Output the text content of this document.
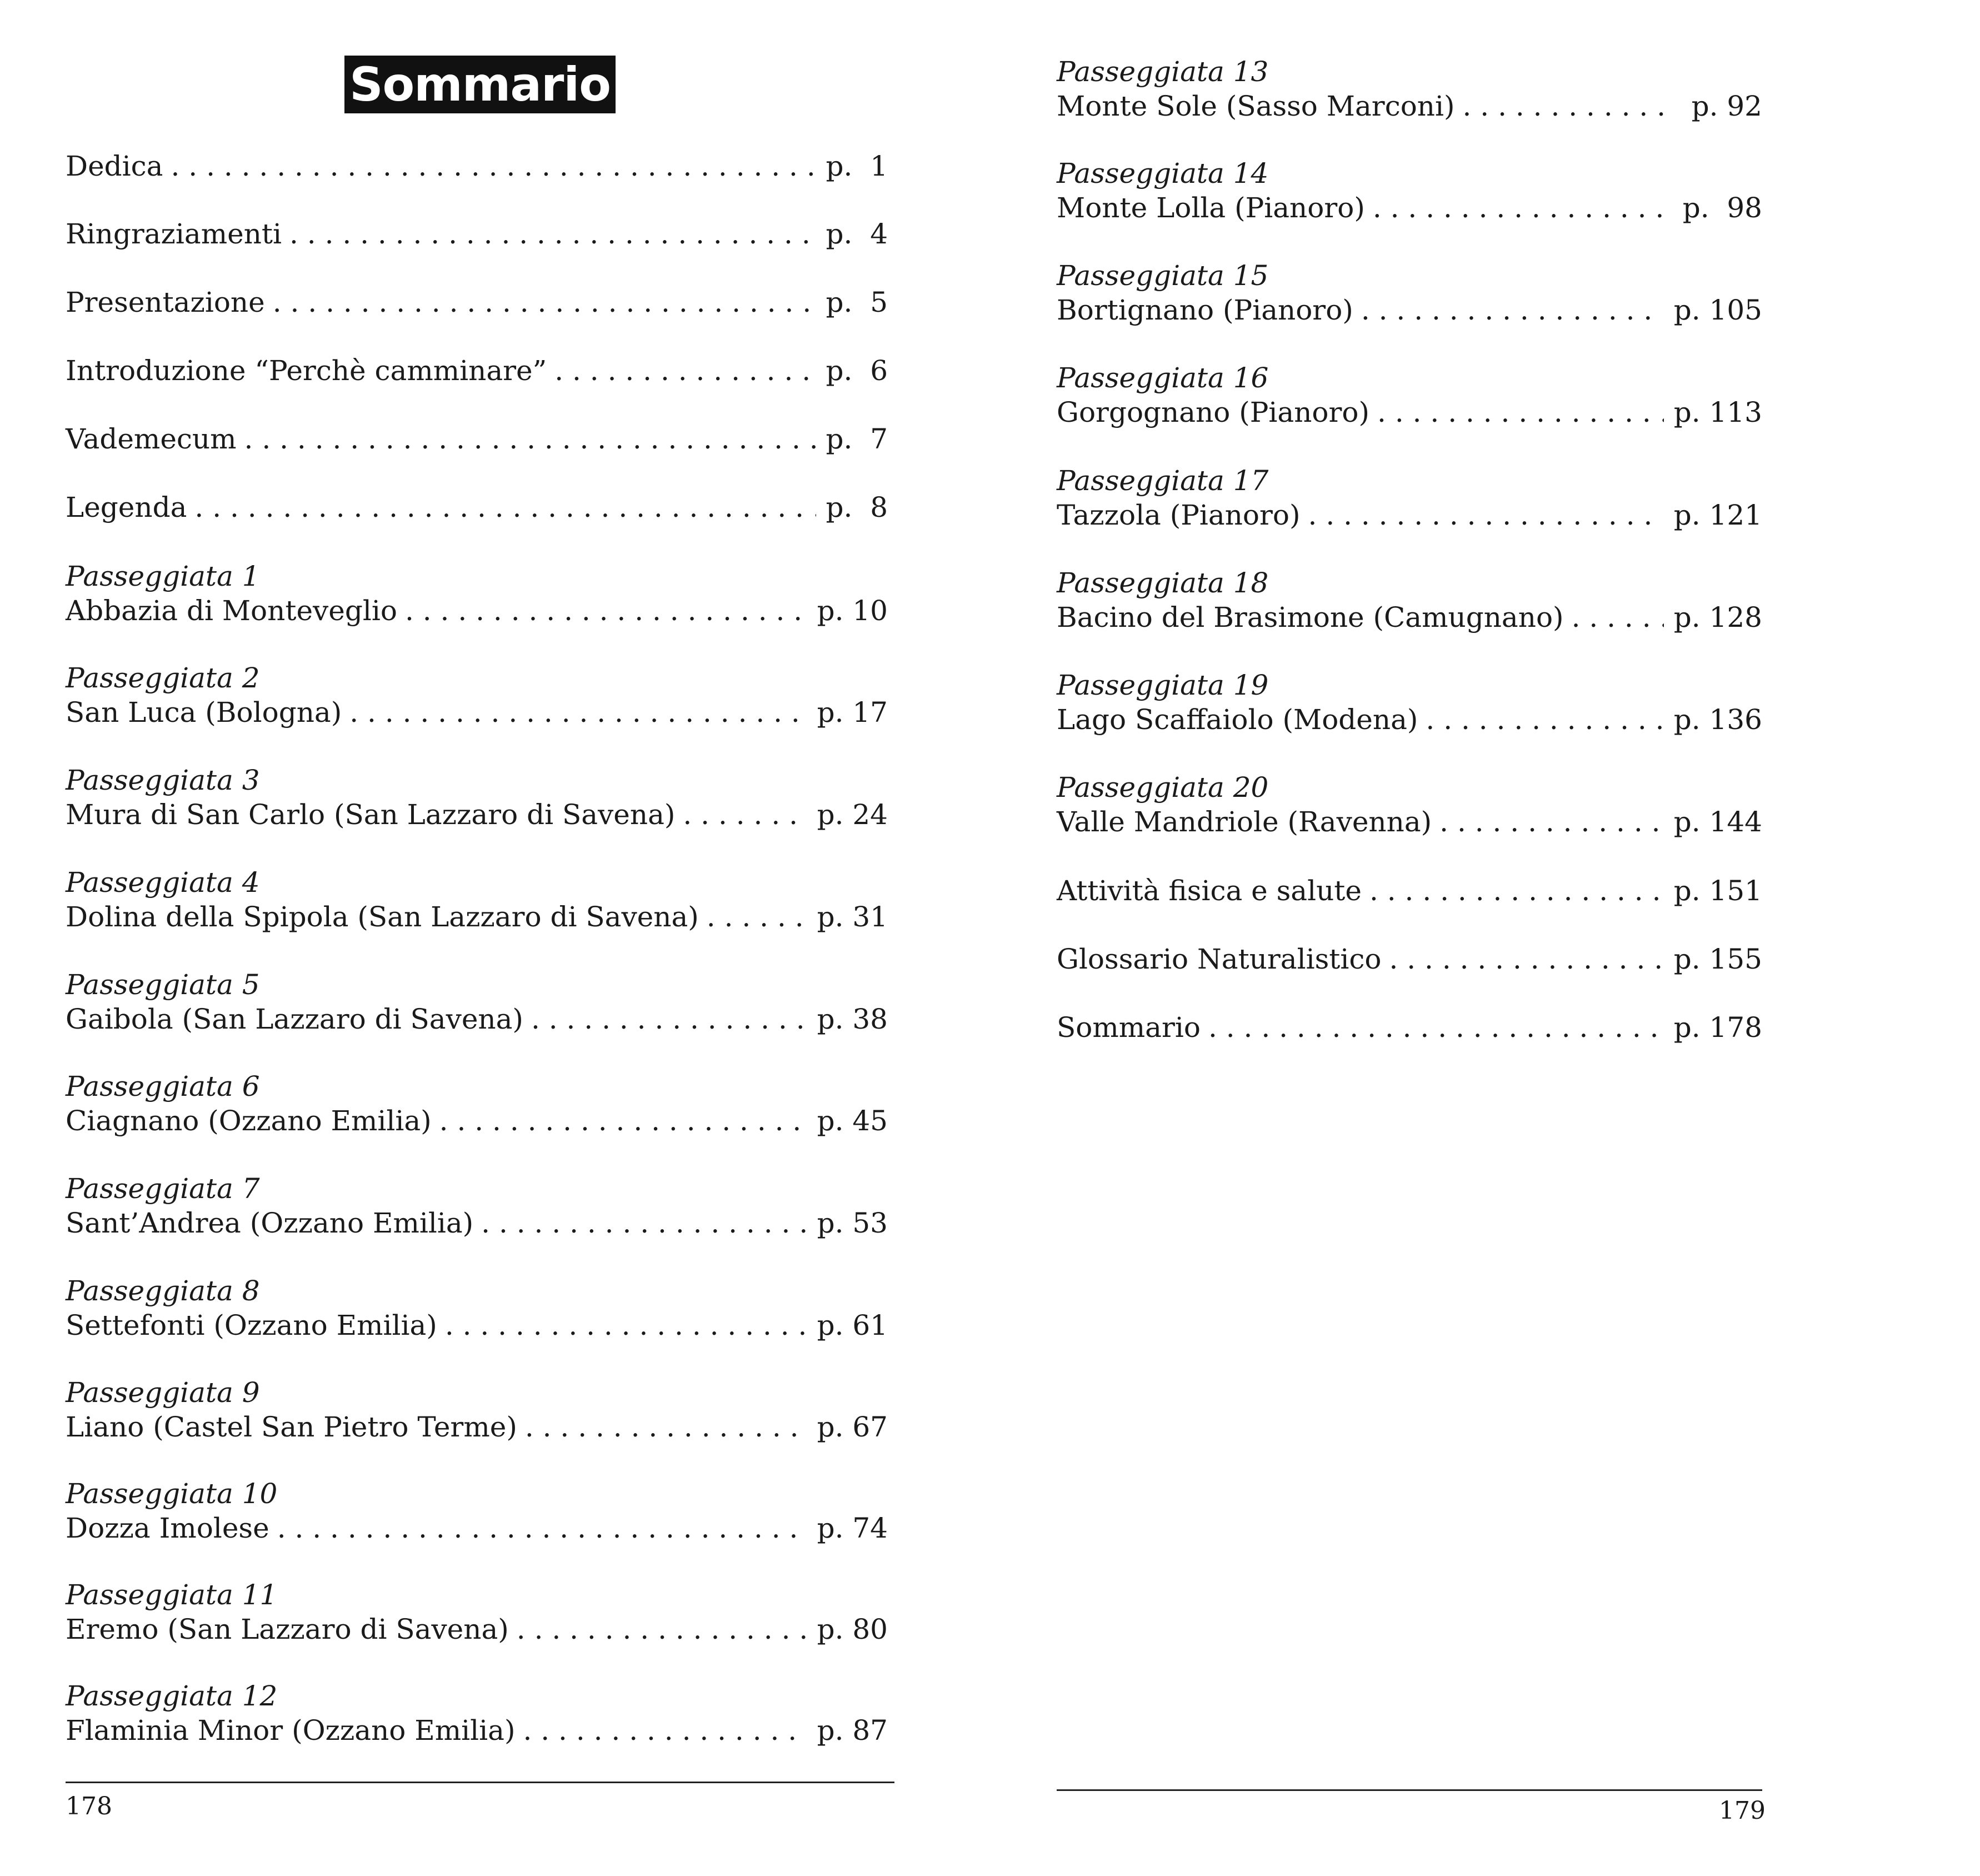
Sommario
Dedica . . .	p.  1
Ringraziamenti . . .	p.  4
Presentazione . . .	p.  5
Introduzione “Perchè camminare” . . .	p.  6
Vademecum . . .	p.  7
Legenda . . .	p.  8
Passeggiata 1
Abbazia di Monteveglio . . .	p. 10
Passeggiata 2
San Luca (Bologna) . . .	p. 17
Passeggiata 3
Mura di San Carlo (San Lazzaro di Savena) . . .	p. 24
Passeggiata 4
Dolina della Spipola (San Lazzaro di Savena) . . .	p. 31
Passeggiata 5
Gaibola (San Lazzaro di Savena) . . .	p. 38
Passeggiata 6
Ciagnano (Ozzano Emilia) . . .	p. 45
Passeggiata 7
Sant’Andrea (Ozzano Emilia) . . .	p. 53
Passeggiata 8
Settefonti (Ozzano Emilia) . . .	p. 61
Passeggiata 9
Liano (Castel San Pietro Terme) . . .	p. 67
Passeggiata 10
Dozza Imolese . . .	p. 74
Passeggiata 11
Eremo (San Lazzaro di Savena) . . .	p. 80
Passeggiata 12
Flaminia Minor (Ozzano Emilia) . . .	p. 87
178
Passeggiata 13
Monte Sole (Sasso Marconi) . . .	p. 92
Passeggiata 14
Monte Lolla (Pianoro) . . .	p.  98
Passeggiata 15
Bortignano (Pianoro) . . .	p. 105
Passeggiata 16
Gorgognano (Pianoro) . . .	p. 113
Passeggiata 17
Tazzola (Pianoro) . . .	p. 121
Passeggiata 18
Bacino del Brasimone (Camugnano) . . .	p. 128
Passeggiata 19
Lago Scaffaiolo (Modena) . . .	p. 136
Passeggiata 20
Valle Mandriole (Ravenna) . . .	p. 144
Attività fisica e salute . . .	p. 151
Glossario Naturalistico . . .	p. 155
Sommario . . .	p. 178
179
